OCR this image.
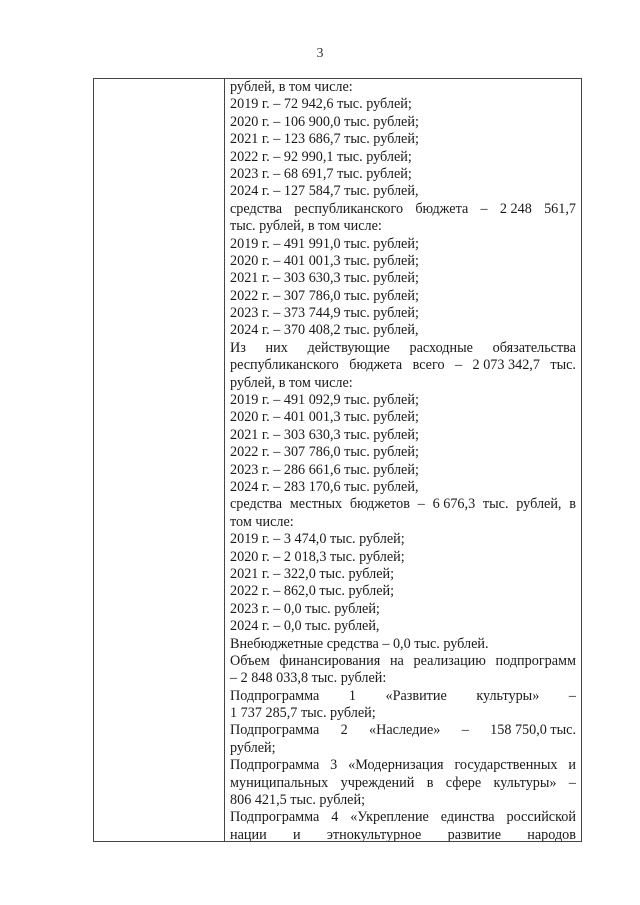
3
рублей, в том числе:
2019 г. – 72 942,6 тыс. рублей;
2020 г. – 106 900,0 тыс. рублей;
2021 г. – 123 686,7 тыс. рублей;
2022 г. – 92 990,1 тыс. рублей;
2023 г. – 68 691,7 тыс. рублей;
2024 г. – 127 584,7 тыс. рублей,
средства республиканского бюджета – 2 248 561,7
тыс. рублей, в том числе:
2019 г. – 491 991,0 тыс. рублей;
2020 г. – 401 001,3 тыс. рублей;
2021 г. – 303 630,3 тыс. рублей;
2022 г. – 307 786,0 тыс. рублей;
2023 г. – 373 744,9 тыс. рублей;
2024 г. – 370 408,2 тыс. рублей,
Из них действующие расходные обязательства
республиканского бюджета всего – 2 073 342,7 тыс.
рублей, в том числе:
2019 г. – 491 092,9 тыс. рублей;
2020 г. – 401 001,3 тыс. рублей;
2021 г. – 303 630,3 тыс. рублей;
2022 г. – 307 786,0 тыс. рублей;
2023 г. – 286 661,6 тыс. рублей;
2024 г. – 283 170,6 тыс. рублей,
средства местных бюджетов – 6 676,3 тыс. рублей, в
том числе:
2019 г. – 3 474,0 тыс. рублей;
2020 г. – 2 018,3 тыс. рублей;
2021 г. – 322,0 тыс. рублей;
2022 г. – 862,0 тыс. рублей;
2023 г. – 0,0 тыс. рублей;
2024 г. – 0,0 тыс. рублей,
Внебюджетные средства – 0,0 тыс. рублей.
Объем финансирования на реализацию подпрограмм
– 2 848 033,8 тыс. рублей:
Подпрограмма 1 «Развитие культуры» –
1 737 285,7 тыс. рублей;
Подпрограмма 2 «Наследие» – 158 750,0 тыс.
рублей;
Подпрограмма 3 «Модернизация государственных и
муниципальных учреждений в сфере культуры» –
806 421,5 тыс. рублей;
Подпрограмма 4 «Укрепление единства российской
нации и этнокультурное развитие народов
